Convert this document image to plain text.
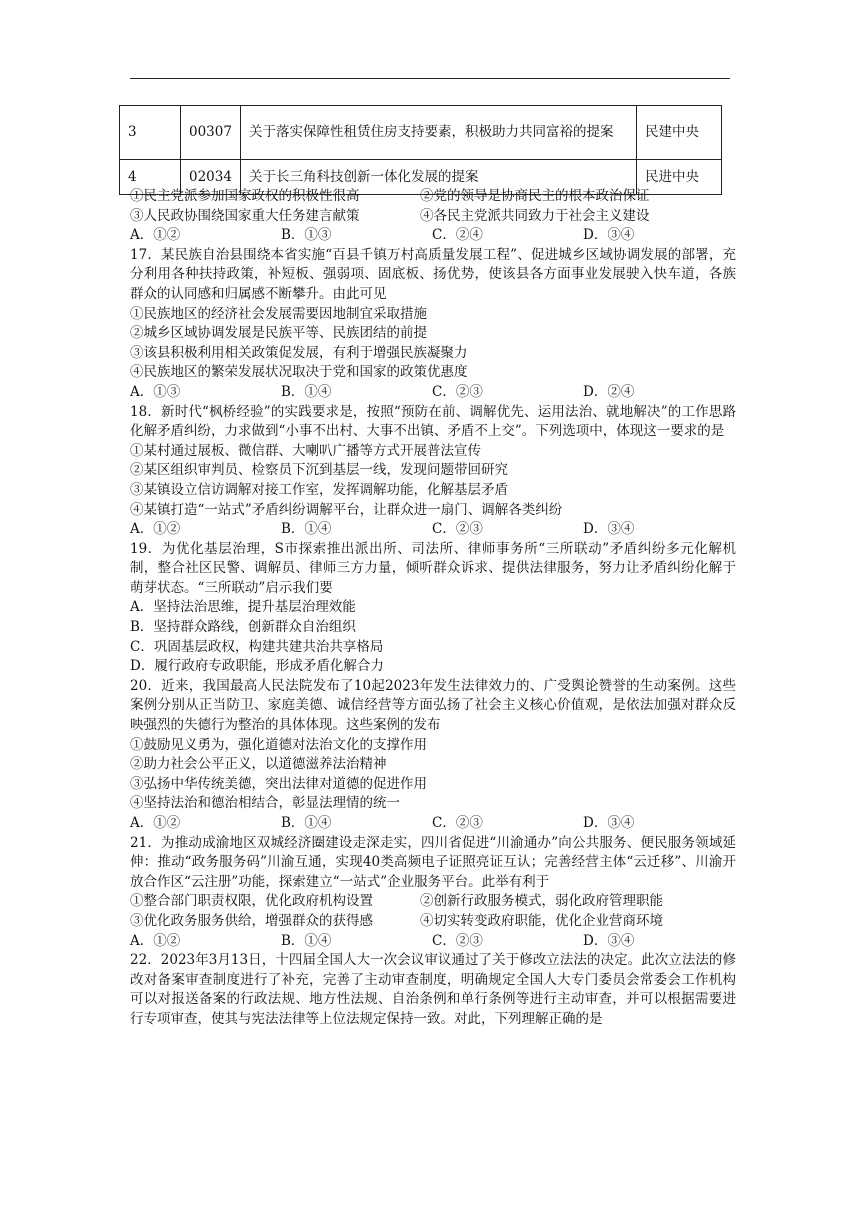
3	00307	关于落实保障性租赁住房支持要素，积极助力共同富裕的提案	民建中央
4	02034	关于长三角科技创新一体化发展的提案	民进中央
①民主党派参加国家政权的积极性很高	②党的领导是协商民主的根本政治保证
③人民政协围绕国家重大任务建言献策	④各民主党派共同致力于社会主义建设
A．①②	B．①③	C．②④	D．③④
17．某民族自治县围绕本省实施“百县千镇万村高质量发展工程”、促进城乡区域协调发展的部署，充分利用各种扶持政策，补短板、强弱项、固底板、扬优势，使该县各方面事业发展驶入快车道，各族群众的认同感和归属感不断攀升。由此可见
①民族地区的经济社会发展需要因地制宜采取措施
②城乡区域协调发展是民族平等、民族团结的前提
③该县积极利用相关政策促发展，有利于增强民族凝聚力
④民族地区的繁荣发展状况取决于党和国家的政策优惠度
A．①③	B．①④	C．②③	D．②④
18．新时代“枫桥经验”的实践要求是，按照“预防在前、调解优先、运用法治、就地解决”的工作思路化解矛盾纠纷，力求做到“小事不出村、大事不出镇、矛盾不上交”。下列选项中，体现这一要求的是
①某村通过展板、微信群、大喇叭广播等方式开展普法宣传
②某区组织审判员、检察员下沉到基层一线，发现问题带回研究
③某镇设立信访调解对接工作室，发挥调解功能，化解基层矛盾
④某镇打造“一站式”矛盾纠纷调解平台，让群众进一扇门、调解各类纠纷
A．①②	B．①④	C．②③	D．③④
19．为优化基层治理，S市探索推出派出所、司法所、律师事务所“三所联动”矛盾纠纷多元化解机制，整合社区民警、调解员、律师三方力量，倾听群众诉求、提供法律服务，努力让矛盾纠纷化解于萌芽状态。“三所联动”启示我们要
A．坚持法治思维，提升基层治理效能
B．坚持群众路线，创新群众自治组织
C．巩固基层政权，构建共建共治共享格局
D．履行政府专政职能，形成矛盾化解合力
20．近来，我国最高人民法院发布了10起2023年发生法律效力的、广受舆论赞誉的生动案例。这些案例分别从正当防卫、家庭美德、诚信经营等方面弘扬了社会主义核心价值观，是依法加强对群众反映强烈的失德行为整治的具体体现。这些案例的发布
①鼓励见义勇为，强化道德对法治文化的支撑作用
②助力社会公平正义，以道德滋养法治精神
③弘扬中华传统美德，突出法律对道德的促进作用
④坚持法治和德治相结合，彰显法理情的统一
A．①②	B．①④	C．②③	D．③④
21．为推动成渝地区双城经济圈建设走深走实，四川省促进“川渝通办”向公共服务、便民服务领域延伸：推动“政务服务码”川渝互通，实现40类高频电子证照亮证互认；完善经营主体“云迁移”、川渝开放合作区“云注册”功能，探索建立“一站式”企业服务平台。此举有利于
①整合部门职责权限，优化政府机构设置	②创新行政服务模式，弱化政府管理职能
③优化政务服务供给，增强群众的获得感	④切实转变政府职能，优化企业营商环境
A．①②	B．①④	C．②③	D．③④
22．2023年3月13日，十四届全国人大一次会议审议通过了关于修改立法法的决定。此次立法法的修改对备案审查制度进行了补充，完善了主动审查制度，明确规定全国人大专门委员会常委会工作机构可以对报送备案的行政法规、地方性法规、自治条例和单行条例等进行主动审查，并可以根据需要进行专项审查，使其与宪法法律等上位法规定保持一致。对此，下列理解正确的是
